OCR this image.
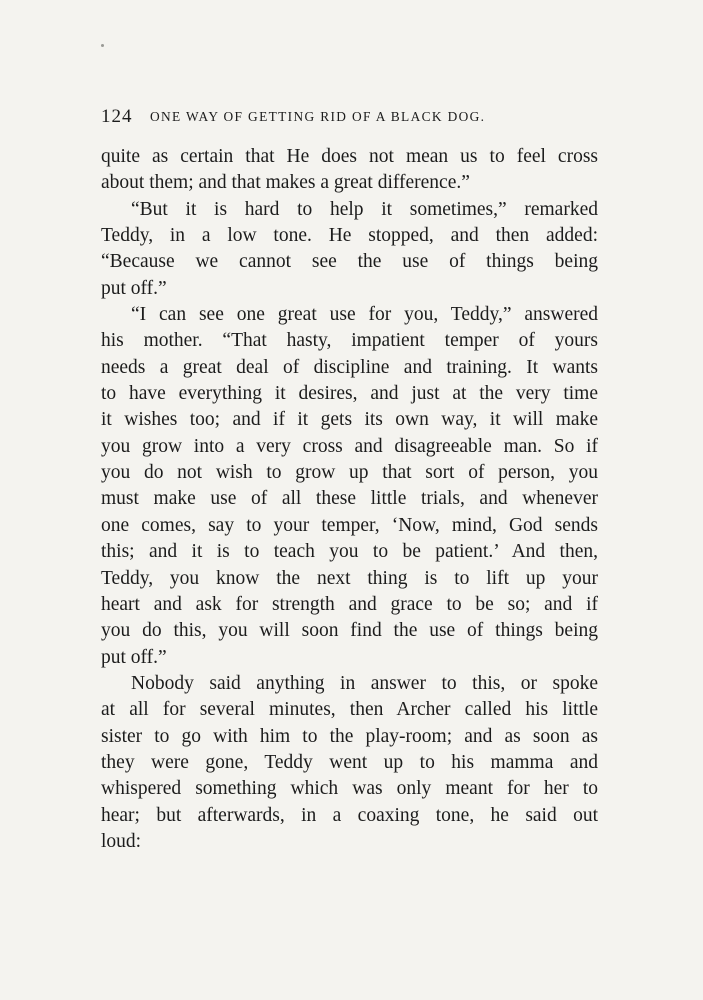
124 ONE WAY OF GETTING RID OF A BLACK DOG.
quite as certain that He does not mean us to feel cross
about them; and that makes a great difference.”
“But it is hard to help it sometimes,” remarked
Teddy, in a low tone. He stopped, and then added:
“Because we cannot see the use of things being
put off.”
“I can see one great use for you, Teddy,” answered
his mother. “That hasty, impatient temper of yours
needs a great deal of discipline and training. It wants
to have everything it desires, and just at the very time
it wishes too; and if it gets its own way, it will make
you grow into a very cross and disagreeable man. So if
you do not wish to grow up that sort of person, you
must make use of all these little trials, and whenever
one comes, say to your temper, ‘Now, mind, God sends
this; and it is to teach you to be patient.’ And then,
Teddy, you know the next thing is to lift up your
heart and ask for strength and grace to be so; and if
you do this, you will soon find the use of things being
put off.”
Nobody said anything in answer to this, or spoke
at all for several minutes, then Archer called his little
sister to go with him to the play-room; and as soon as
they were gone, Teddy went up to his mamma and
whispered something which was only meant for her to
hear; but afterwards, in a coaxing tone, he said out
loud:
